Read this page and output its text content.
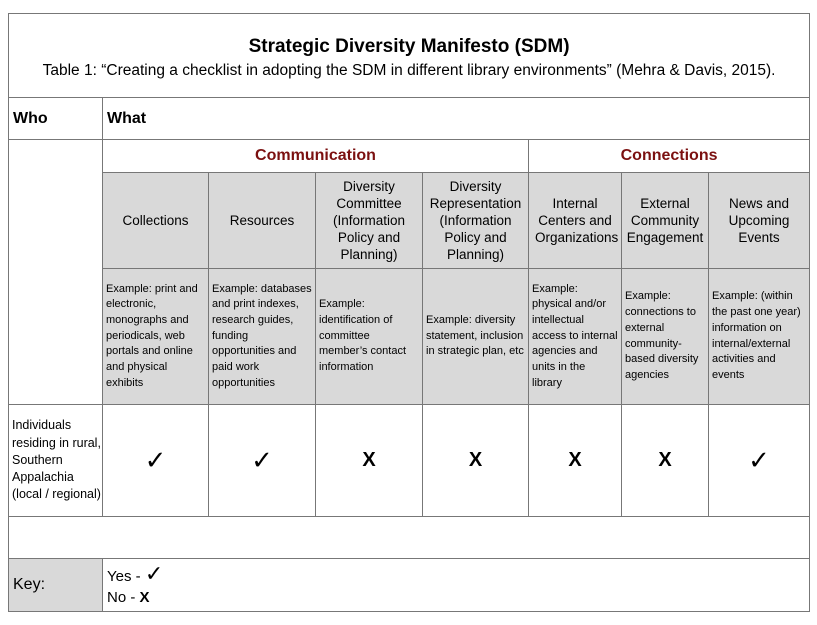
Strategic Diversity Manifesto (SDM)
Table 1: “Creating a checklist in adopting the SDM in different library environments” (Mehra & Davis, 2015).							

Who	What						
	Communication				Connections		
	Collections	Resources	Diversity Committee (Information Policy and Planning)	Diversity Representation (Information Policy and Planning)	Internal Centers and Organizations	External Community Engagement	News and Upcoming Events
	Example: print and electronic, monographs and periodicals, web portals and online and physical exhibits	Example: databases and print indexes, research guides, funding opportunities and paid work opportunities	Example: identification of committee member’s contact information	Example: diversity statement, inclusion in strategic plan, etc	Example: physical and/or intellectual access to internal agencies and units in the library	Example: connections to external community-based diversity agencies	Example: (within the past one year) information on internal/external activities and events
Individuals residing in rural, Southern Appalachia (local / regional)	✓	✓	X	X	X	X	✓

Key:	Yes - ✓
No - X						
